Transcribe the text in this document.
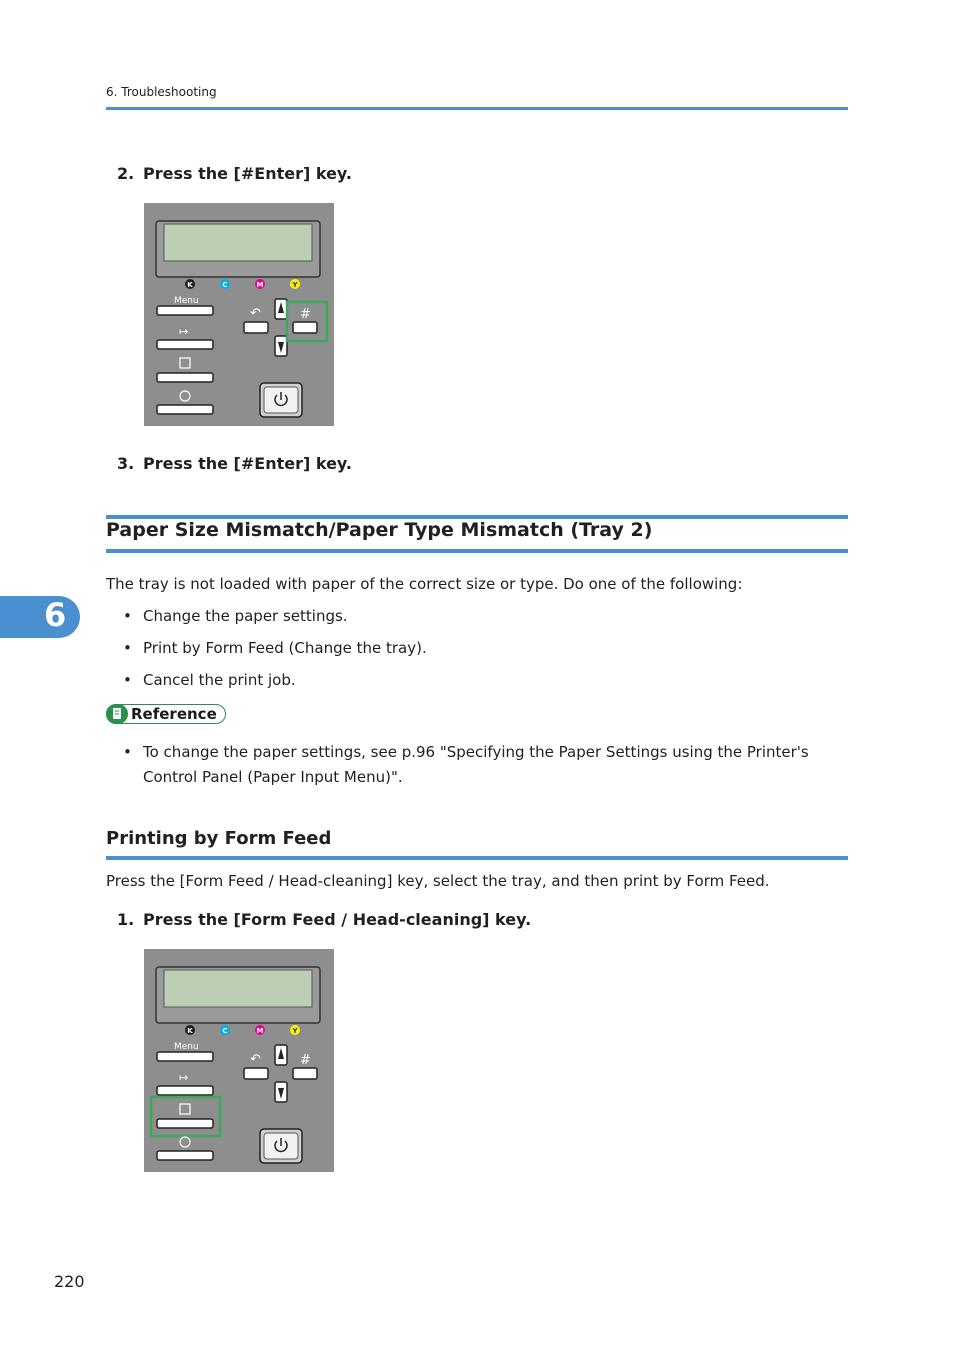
6. Troubleshooting
2. Press the [#Enter] key.
K	C	M	Y
Menu
↦
↶	#
3. Press the [#Enter] key.
Paper Size Mismatch/Paper Type Mismatch (Tray 2)
The tray is not loaded with paper of the correct size or type. Do one of the following:
• Change the paper settings.
• Print by Form Feed (Change the tray).
• Cancel the print job.
6
Reference
• To change the paper settings, see p.96 "Specifying the Paper Settings using the Printer's Control Panel (Paper Input Menu)".
Printing by Form Feed
Press the [Form Feed / Head-cleaning] key, select the tray, and then print by Form Feed.
1. Press the [Form Feed / Head-cleaning] key.
K	C	M	Y
Menu
↦
↶	#
220
